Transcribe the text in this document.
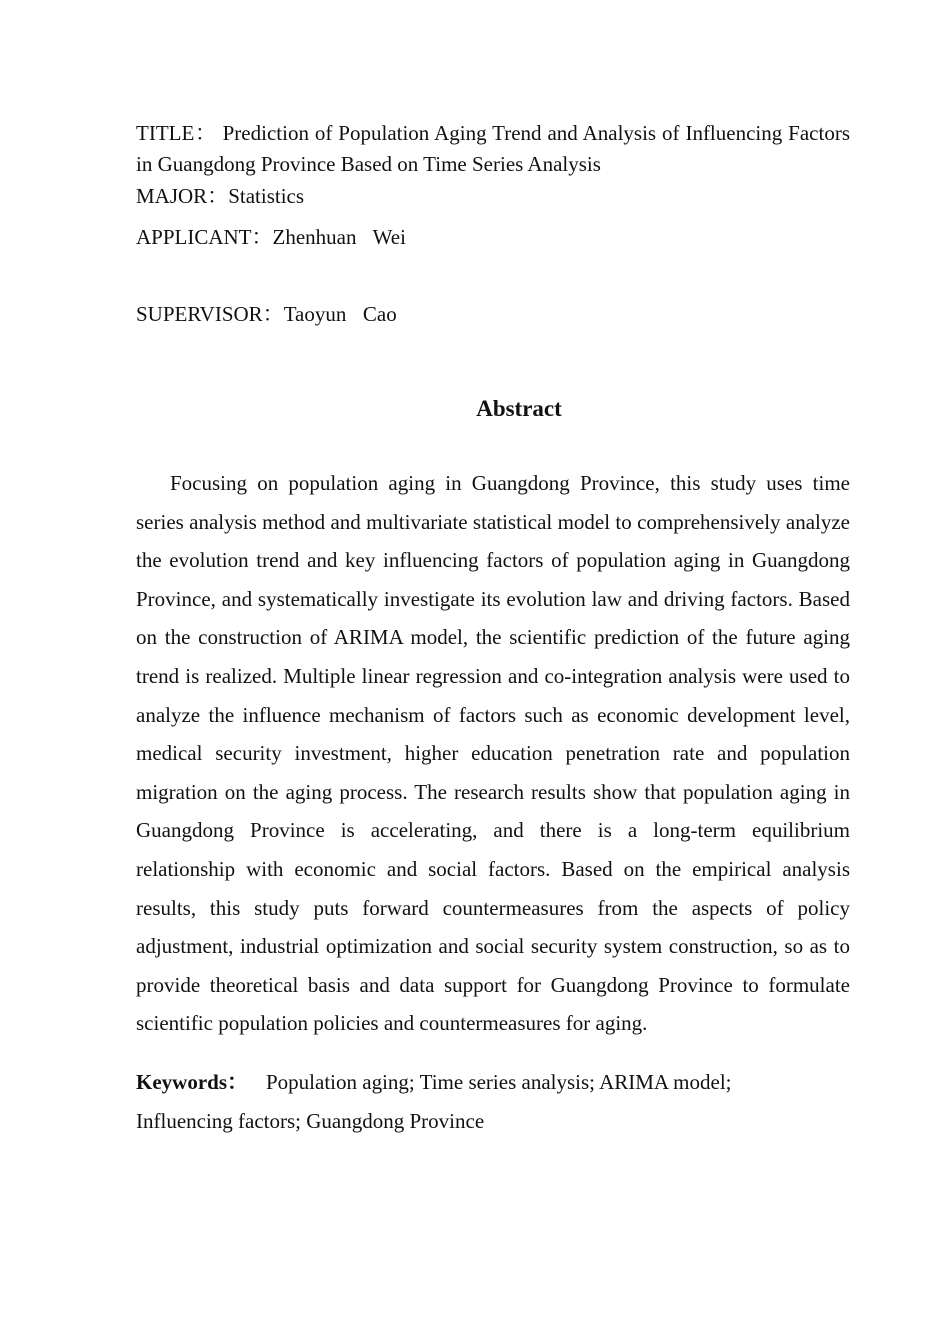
TITLE： Prediction of Population Aging Trend and Analysis of Influencing Factors in Guangdong Province Based on Time Series Analysis

MAJOR：Statistics

APPLICANT：Zhenhuan  Wei

SUPERVISOR：Taoyun  Cao

Abstract

Focusing on population aging in Guangdong Province, this study uses time series analysis method and multivariate statistical model to comprehensively analyze the evolution trend and key influencing factors of population aging in Guangdong Province, and systematically investigate its evolution law and driving factors. Based on the construction of ARIMA model, the scientific prediction of the future aging trend is realized. Multiple linear regression and co-integration analysis were used to analyze the influence mechanism of factors such as economic development level, medical security investment, higher education penetration rate and population migration on the aging process. The research results show that population aging in Guangdong Province is accelerating, and there is a long-term equilibrium relationship with economic and social factors. Based on the empirical analysis results, this study puts forward countermeasures from the aspects of policy adjustment, industrial optimization and social security system construction, so as to provide theoretical basis and data support for Guangdong Province to formulate scientific population policies and countermeasures for aging.

Keywords： Population aging; Time series analysis; ARIMA model;
Influencing factors; Guangdong Province
